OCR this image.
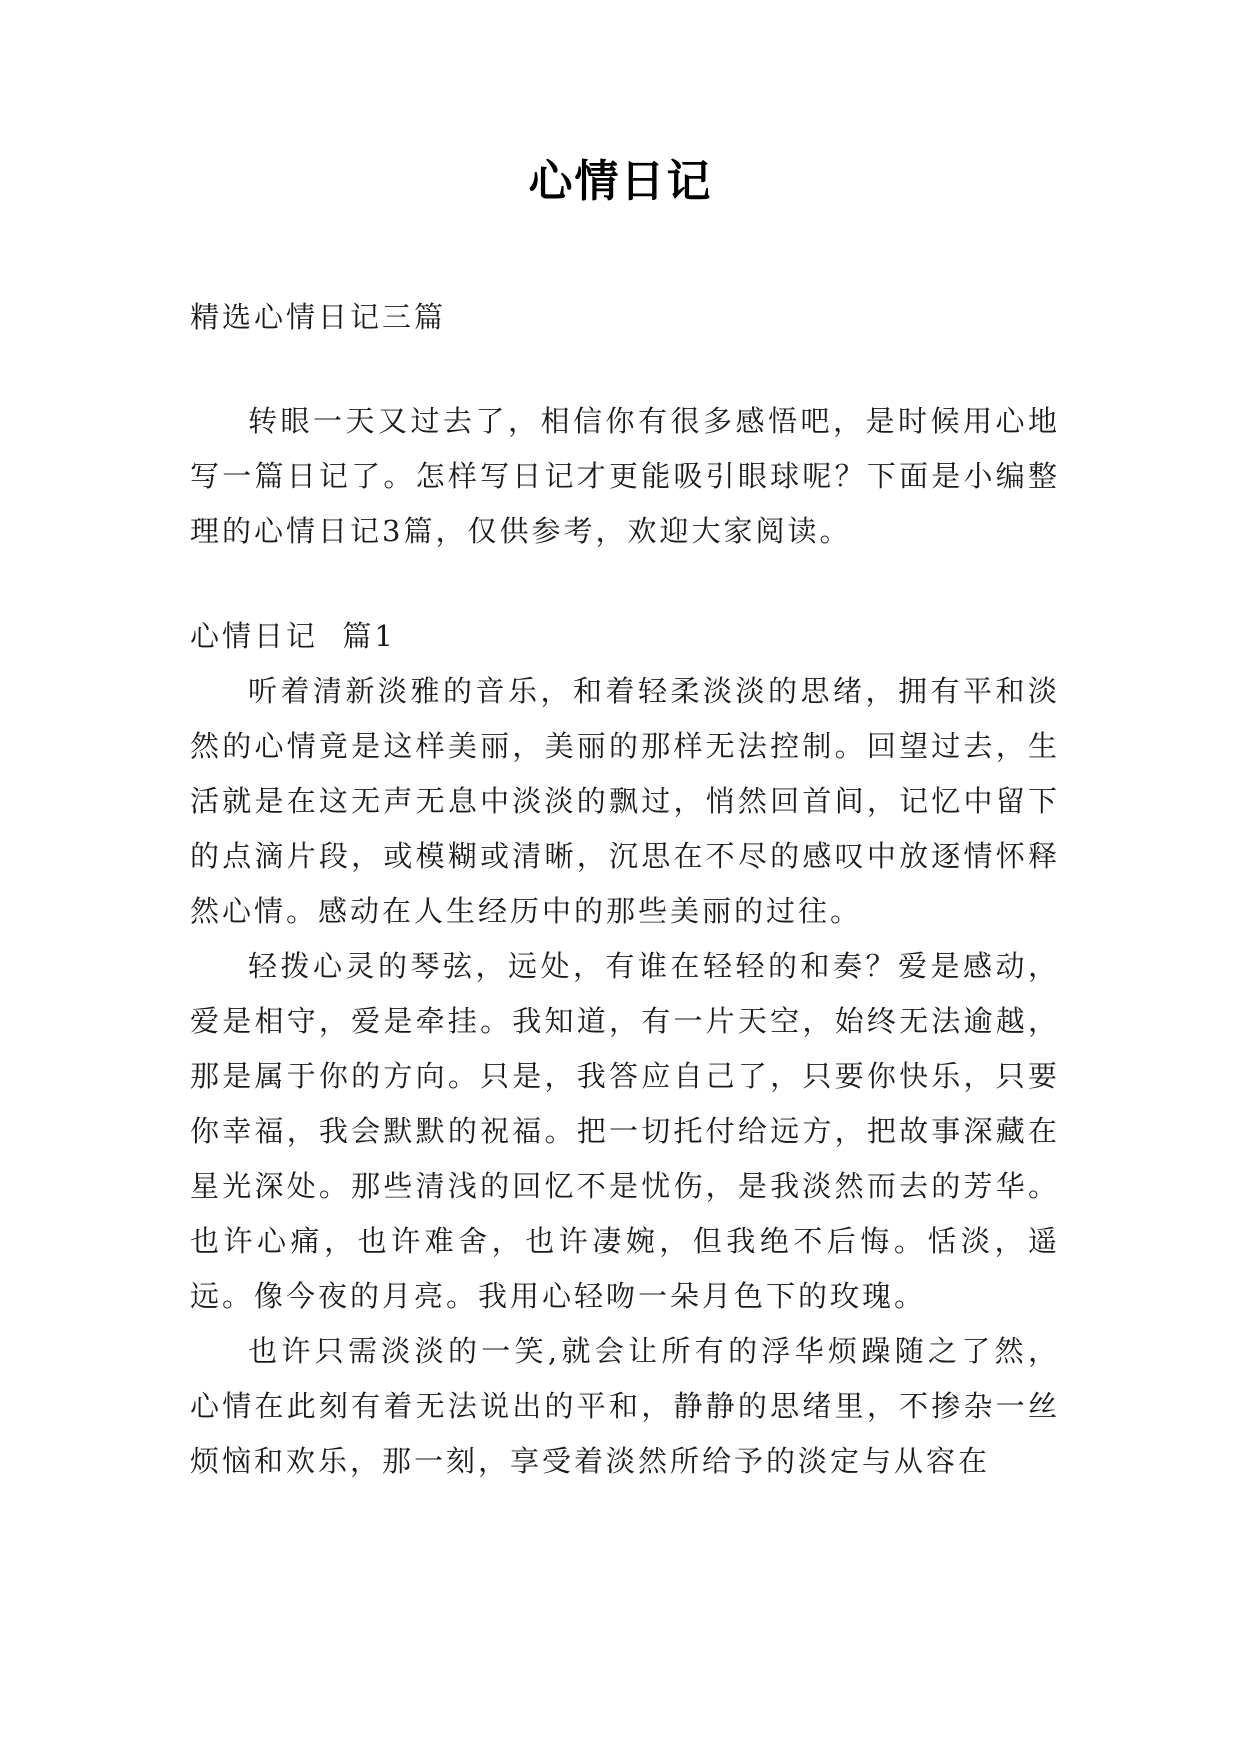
心情日记

精选心情日记三篇

转眼一天又过去了，相信你有很多感悟吧，是时候用心地写一篇日记了。怎样写日记才更能吸引眼球呢？下面是小编整理的心情日记3篇，仅供参考，欢迎大家阅读。

心情日记  篇1

听着清新淡雅的音乐，和着轻柔淡淡的思绪，拥有平和淡然的心情竟是这样美丽，美丽的那样无法控制。回望过去，生活就是在这无声无息中淡淡的飘过，悄然回首间，记忆中留下的点滴片段，或模糊或清晰，沉思在不尽的感叹中放逐情怀释然心情。感动在人生经历中的那些美丽的过往。

轻拨心灵的琴弦，远处，有谁在轻轻的和奏？爱是感动，爱是相守，爱是牵挂。我知道，有一片天空，始终无法逾越，那是属于你的方向。只是，我答应自己了，只要你快乐，只要你幸福，我会默默的祝福。把一切托付给远方，把故事深藏在星光深处。那些清浅的回忆不是忧伤，是我淡然而去的芳华。也许心痛，也许难舍，也许凄婉，但我绝不后悔。恬淡，遥远。像今夜的月亮。我用心轻吻一朵月色下的玫瑰。

也许只需淡淡的一笑,就会让所有的浮华烦躁随之了然，心情在此刻有着无法说出的平和，静静的思绪里，不掺杂一丝烦恼和欢乐，那一刻，享受着淡然所给予的淡定与从容在
